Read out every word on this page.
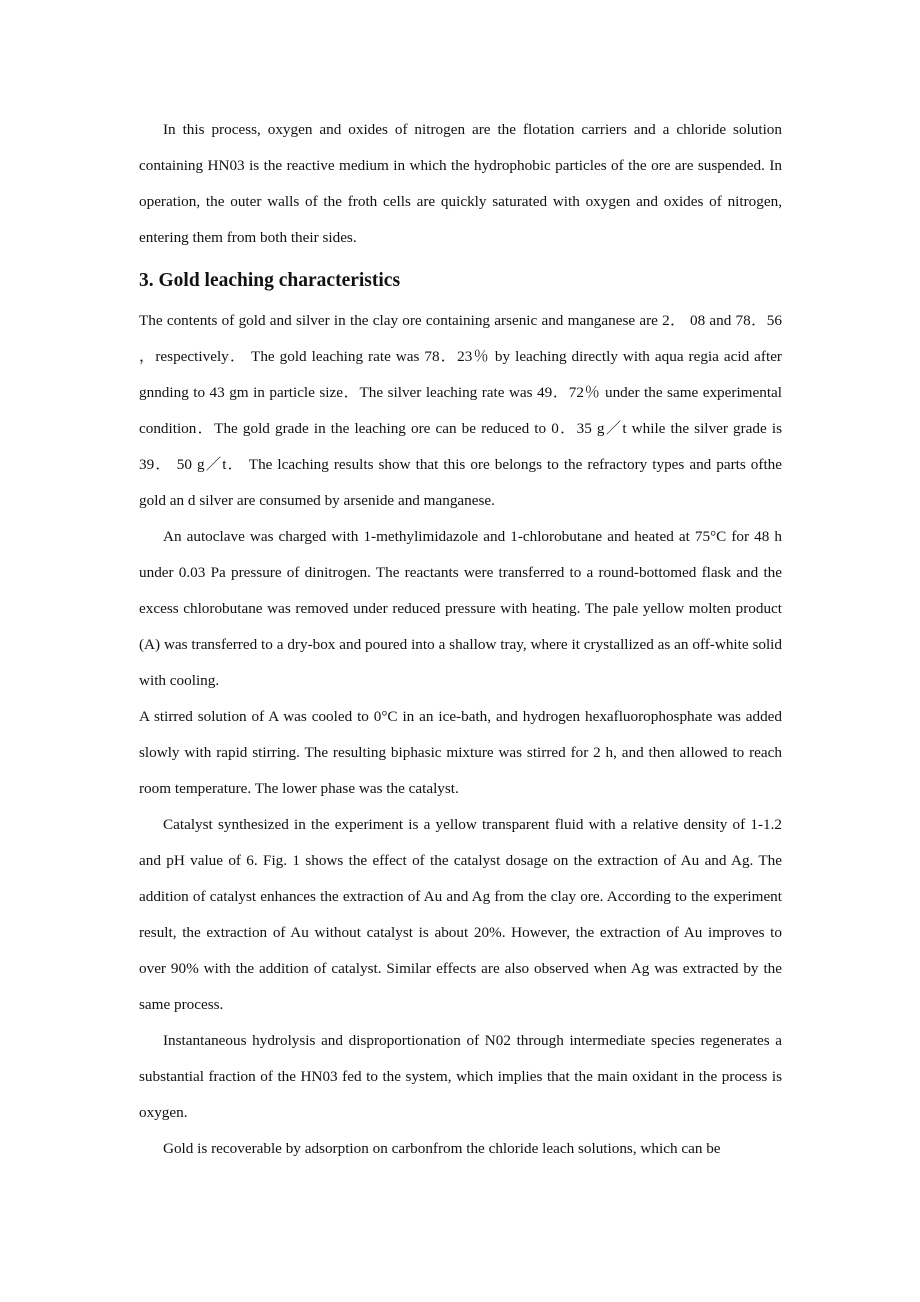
In this process, oxygen and oxides of nitrogen are the flotation carriers and a chloride solution containing HN03 is the reactive medium in which the hydrophobic particles of the ore are suspended. In operation, the outer walls of the froth cells are quickly saturated with oxygen and oxides of nitrogen, entering them from both their sides.

3. Gold leaching characteristics

The contents of gold and silver in the clay ore containing arsenic and manganese are 2． 08 and 78．56 ，respectively． The gold leaching rate was 78．23％ by leaching directly with aqua regia acid after gnnding to 43 gm in particle size．The silver leaching rate was 49．72％ under the same experimental condition．The gold grade in the leaching ore can be reduced to 0．35 g／t while the silver grade is 39． 50 g／t． The lcaching results show that this ore belongs to the refractory types and parts ofthe gold an d silver are consumed by arsenide and manganese.

An autoclave was charged with 1-methylimidazole and 1-chlorobutane and heated at 75°C for 48 h under 0.03 Pa pressure of dinitrogen. The reactants were transferred to a round-bottomed flask and the excess chlorobutane was removed under reduced pressure with heating. The pale yellow molten product (A) was transferred to a dry-box and poured into a shallow tray, where it crystallized as an off-white solid with cooling.

A stirred solution of A was cooled to 0°C in an ice-bath, and hydrogen hexafluorophosphate was added slowly with rapid stirring. The resulting biphasic mixture was stirred for 2 h, and then allowed to reach room temperature. The lower phase was the catalyst.

Catalyst synthesized in the experiment is a yellow transparent fluid with a relative density of 1-1.2 and pH value of 6. Fig. 1 shows the effect of the catalyst dosage on the extraction of Au and Ag. The addition of catalyst enhances the extraction of Au and Ag from the clay ore. According to the experiment result, the extraction of Au without catalyst is about 20%. However, the extraction of Au improves to over 90% with the addition of catalyst. Similar effects are also observed when Ag was extracted by the same process.

Instantaneous hydrolysis and disproportionation of N02 through intermediate species regenerates a substantial fraction of the HN03 fed to the system, which implies that the main oxidant in the process is oxygen.

Gold is recoverable by adsorption on carbonfrom the chloride leach solutions, which can be
